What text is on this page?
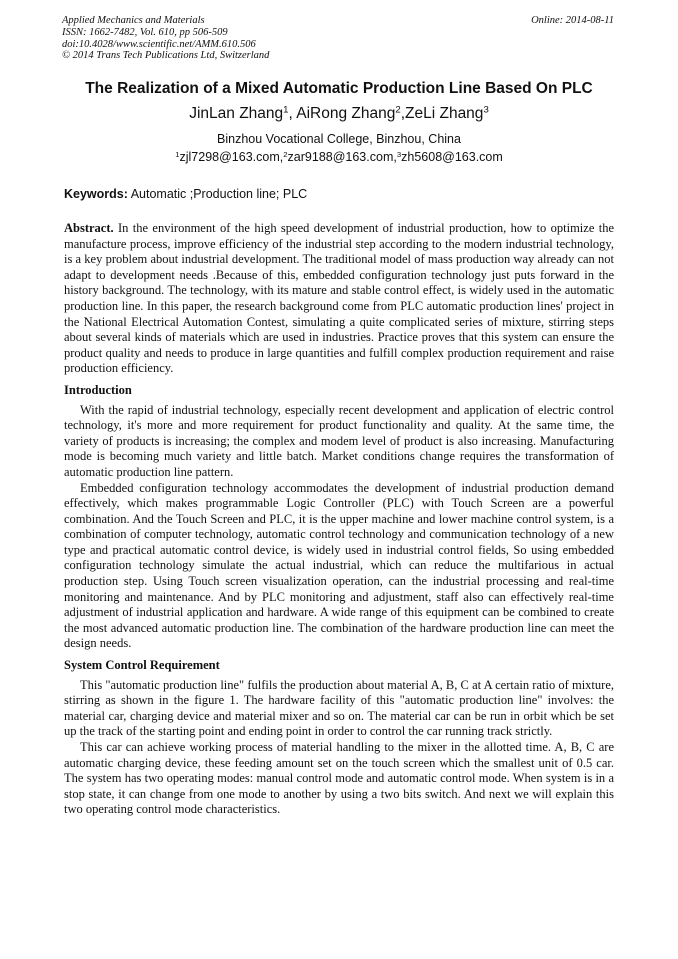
Applied Mechanics and Materials
ISSN: 1662-7482, Vol. 610, pp 506-509
doi:10.4028/www.scientific.net/AMM.610.506
© 2014 Trans Tech Publications Ltd, Switzerland
Online: 2014-08-11
The Realization of a Mixed Automatic Production Line Based On PLC
JinLan Zhang$^1$, AiRong Zhang$^2$,ZeLi Zhang$^3$
Binzhou Vocational College, Binzhou, China
$^1$zjl7298@163.com,$^2$zar9188@163.com,$^3$zh5608@163.com
Keywords: Automatic ;Production line; PLC

Abstract. In the environment of the high speed development of industrial production, how to optimize the manufacture process, improve efficiency of the industrial step according to the modern industrial technology, is a key problem about industrial development. The traditional model of mass production way already can not adapt to development needs .Because of this, embedded configuration technology just puts forward in the history background. The technology, with its mature and stable control effect, is widely used in the automatic production line. In this paper, the research background come from PLC automatic production lines' project in the National Electrical Automation Contest, simulating a quite complicated series of mixture, stirring steps about several kinds of materials which are used in industries. Practice proves that this system can ensure the product quality and needs to produce in large quantities and fulfill complex production requirement and raise production efficiency.

Introduction

With the rapid of industrial technology, especially recent development and application of electric control technology, it's more and more requirement for product functionality and quality. At the same time, the variety of products is increasing; the complex and modem level of product is also increasing. Manufacturing mode is becoming much variety and little batch. Market conditions change requires the transformation of automatic production line pattern.

Embedded configuration technology accommodates the development of industrial production demand effectively, which makes programmable Logic Controller (PLC) with Touch Screen are a powerful combination. And the Touch Screen and PLC, it is the upper machine and lower machine control system, is a combination of computer technology, automatic control technology and communication technology of a new type and practical automatic control device, is widely used in industrial control fields, So using embedded configuration technology simulate the actual industrial, which can reduce the multifarious in actual production step. Using Touch screen visualization operation, can the industrial processing and real-time monitoring and maintenance. And by PLC monitoring and adjustment, staff also can effectively real-time adjustment of industrial application and hardware. A wide range of this equipment can be combined to create the most advanced automatic production line. The combination of the hardware production line can meet the design needs.

System Control Requirement

This "automatic production line" fulfils the production about material A, B, C at A certain ratio of mixture, stirring as shown in the figure 1. The hardware facility of this "automatic production line" involves: the material car, charging device and material mixer and so on. The material car can be run in orbit which be set up the track of the starting point and ending point in order to control the car running track strictly.

This car can achieve working process of material handling to the mixer in the allotted time. A, B, C are automatic charging device, these feeding amount set on the touch screen which the smallest unit of 0.5 car. The system has two operating modes: manual control mode and automatic control mode. When system is in a stop state, it can change from one mode to another by using a two bits switch. And next we will explain this two operating control mode characteristics.
